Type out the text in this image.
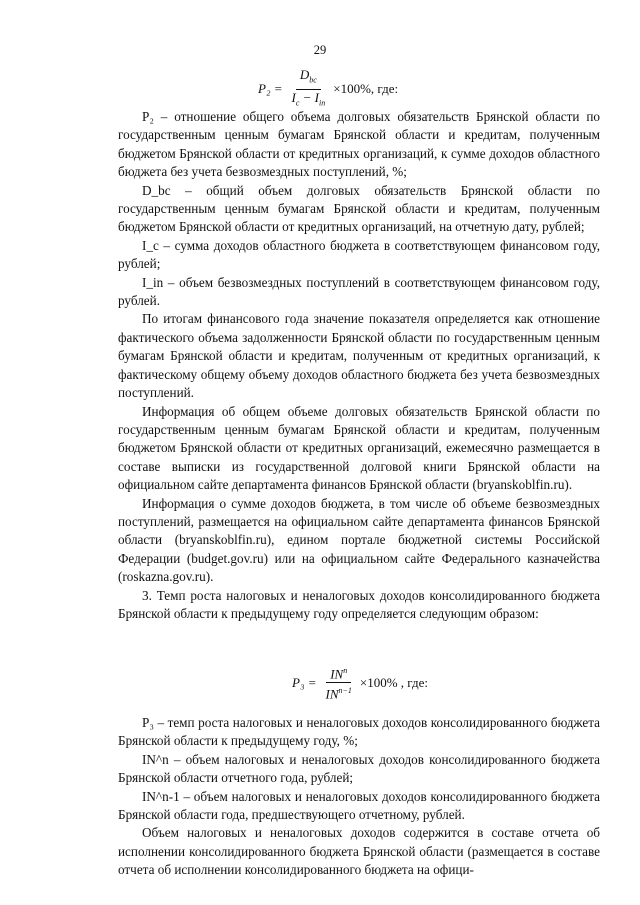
29
$P_2 = \frac{D_{bc}}{I_c - I_{in}} \times 100\%$, где:

Р₂ – отношение общего объема долговых обязательств Брянской области по государственным ценным бумагам Брянской области и кредитам, полученным бюджетом Брянской области от кредитных организаций, к сумме доходов областного бюджета без учета безвозмездных поступлений, %;

D_bc – общий объем долговых обязательств Брянской области по государственным ценным бумагам Брянской области и кредитам, полученным бюджетом Брянской области от кредитных организаций, на отчетную дату, рублей;

I_c – сумма доходов областного бюджета в соответствующем финансовом году, рублей;

I_in – объем безвозмездных поступлений в соответствующем финансовом году, рублей.

По итогам финансового года значение показателя определяется как отношение фактического объема задолженности Брянской области по государственным ценным бумагам Брянской области и кредитам, полученным от кредитных организаций, к фактическому общему объему доходов областного бюджета без учета безвозмездных поступлений.

Информация об общем объеме долговых обязательств Брянской области по государственным ценным бумагам Брянской области и кредитам, полученным бюджетом Брянской области от кредитных организаций, ежемесячно размещается в составе выписки из государственной долговой книги Брянской области на официальном сайте департамента финансов Брянской области (bryanskoblfin.ru).

Информация о сумме доходов бюджета, в том числе об объеме безвозмездных поступлений, размещается на официальном сайте департамента финансов Брянской области (bryanskoblfin.ru), едином портале бюджетной системы Российской Федерации (budget.gov.ru) или на официальном сайте Федерального казначейства (roskazna.gov.ru).

3. Темп роста налоговых и неналоговых доходов консолидированного бюджета Брянской области к предыдущему году определяется следующим образом:

$P_3 = \frac{IN^n}{IN^{n-1}} \times 100\%$ , где:

Р₃ – темп роста налоговых и неналоговых доходов консолидированного бюджета Брянской области к предыдущему году, %;

IN^n – объем налоговых и неналоговых доходов консолидированного бюджета Брянской области отчетного года, рублей;

IN^n-1 – объем налоговых и неналоговых доходов консолидированного бюджета Брянской области года, предшествующего отчетному, рублей.

Объем налоговых и неналоговых доходов содержится в составе отчета об исполнении консолидированного бюджета Брянской области (размещается в составе отчета об исполнении консолидированного бюджета на офици-
